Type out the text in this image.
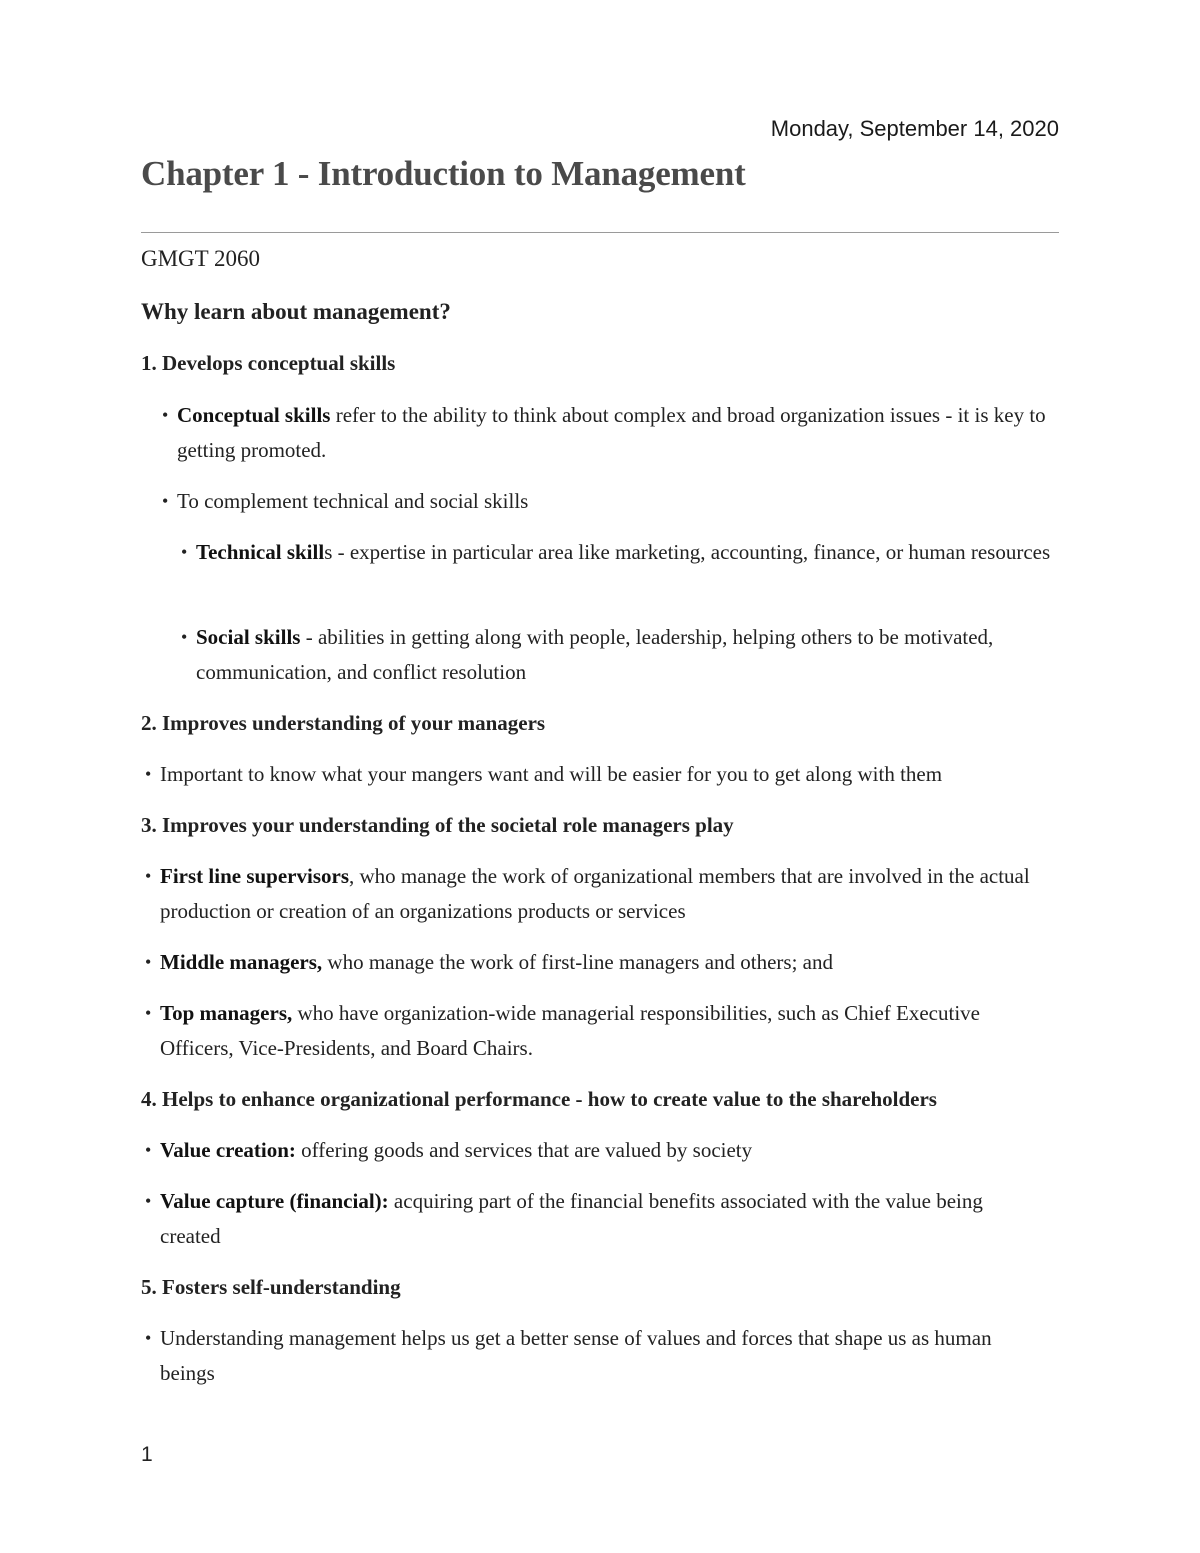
Monday, September 14, 2020
Chapter 1 - Introduction to Management
GMGT 2060
Why learn about management?
1. Develops conceptual skills
• Conceptual skills refer to the ability to think about complex and broad organization issues - it is key to getting promoted.
• To complement technical and social skills
• Technical skills - expertise in particular area like marketing, accounting, finance, or human resources
• Social skills - abilities in getting along with people, leadership, helping others to be motivated, communication, and conflict resolution
2. Improves understanding of your managers
• Important to know what your mangers want and will be easier for you to get along with them
3. Improves your understanding of the societal role managers play
• First line supervisors, who manage the work of organizational members that are involved in the actual production or creation of an organizations products or services
• Middle managers, who manage the work of first-line managers and others; and
• Top managers, who have organization-wide managerial responsibilities, such as Chief Executive Officers, Vice-Presidents, and Board Chairs.
4. Helps to enhance organizational performance - how to create value to the shareholders
• Value creation: offering goods and services that are valued by society
• Value capture (financial): acquiring part of the financial benefits associated with the value being created
5. Fosters self-understanding
• Understanding management helps us get a better sense of values and forces that shape us as human beings
1
